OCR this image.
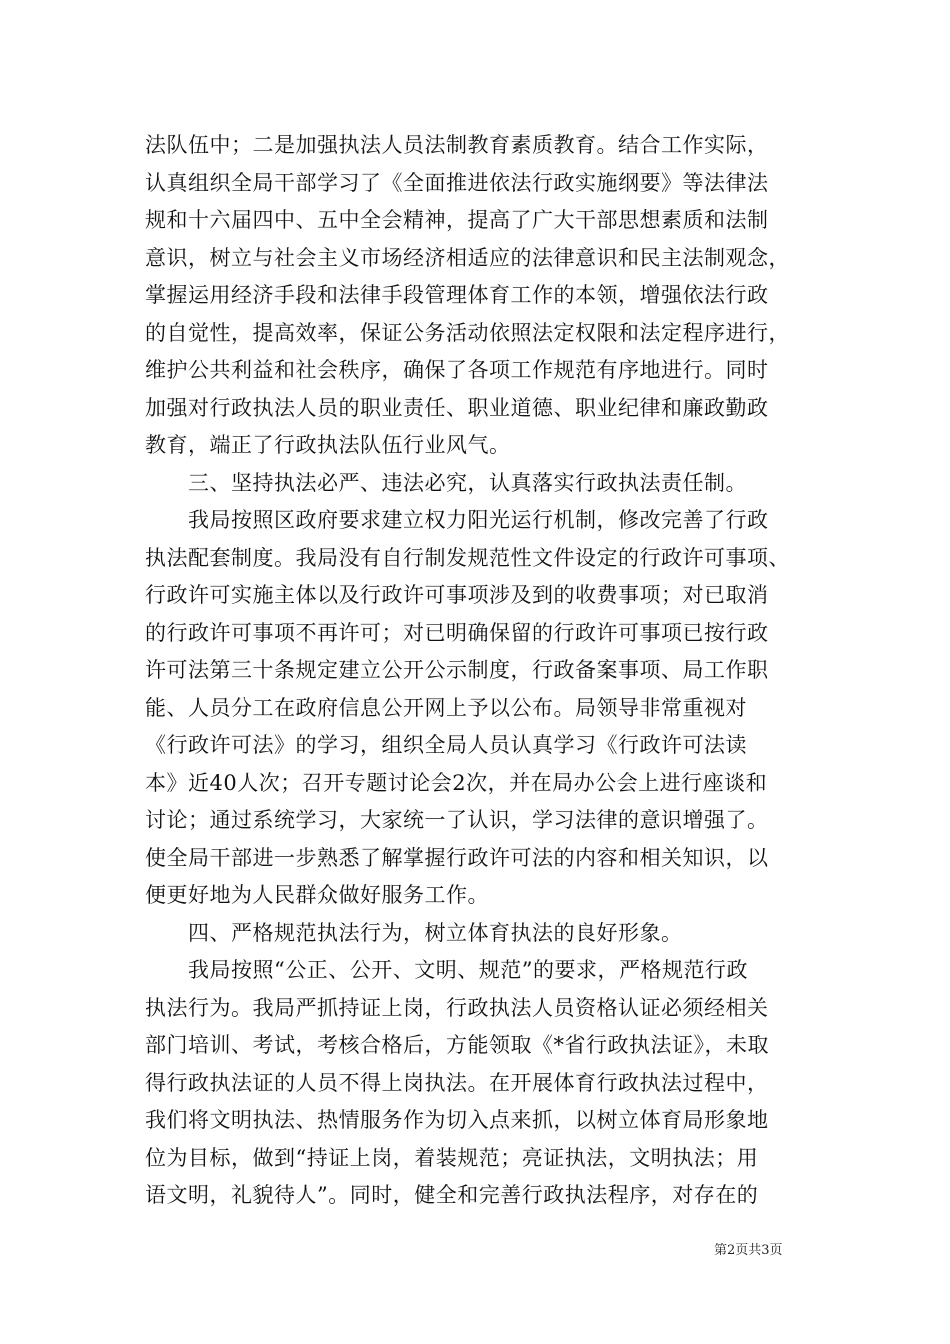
法队伍中；二是加强执法人员法制教育素质教育。结合工作实际，
认真组织全局干部学习了《全面推进依法行政实施纲要》等法律法
规和十六届四中、五中全会精神，提高了广大干部思想素质和法制
意识，树立与社会主义市场经济相适应的法律意识和民主法制观念，
掌握运用经济手段和法律手段管理体育工作的本领，增强依法行政
的自觉性，提高效率，保证公务活动依照法定权限和法定程序进行，
维护公共利益和社会秩序，确保了各项工作规范有序地进行。同时
加强对行政执法人员的职业责任、职业道德、职业纪律和廉政勤政
教育，端正了行政执法队伍行业风气。
　　三、坚持执法必严、违法必究，认真落实行政执法责任制。
　　我局按照区政府要求建立权力阳光运行机制，修改完善了行政
执法配套制度。我局没有自行制发规范性文件设定的行政许可事项、
行政许可实施主体以及行政许可事项涉及到的收费事项；对已取消
的行政许可事项不再许可；对已明确保留的行政许可事项已按行政
许可法第三十条规定建立公开公示制度，行政备案事项、局工作职
能、人员分工在政府信息公开网上予以公布。局领导非常重视对
《行政许可法》的学习，组织全局人员认真学习《行政许可法读
本》近40人次；召开专题讨论会2次，并在局办公会上进行座谈和
讨论；通过系统学习，大家统一了认识，学习法律的意识增强了。
使全局干部进一步熟悉了解掌握行政许可法的内容和相关知识，以
便更好地为人民群众做好服务工作。
　　四、严格规范执法行为，树立体育执法的良好形象。
　　我局按照“公正、公开、文明、规范”的要求，严格规范行政
执法行为。我局严抓持证上岗，行政执法人员资格认证必须经相关
部门培训、考试，考核合格后，方能领取《*省行政执法证》，未取
得行政执法证的人员不得上岗执法。在开展体育行政执法过程中，
我们将文明执法、热情服务作为切入点来抓，以树立体育局形象地
位为目标，做到“持证上岗，着装规范；亮证执法，文明执法；用
语文明，礼貌待人”。同时，健全和完善行政执法程序，对存在的
第2页共3页
